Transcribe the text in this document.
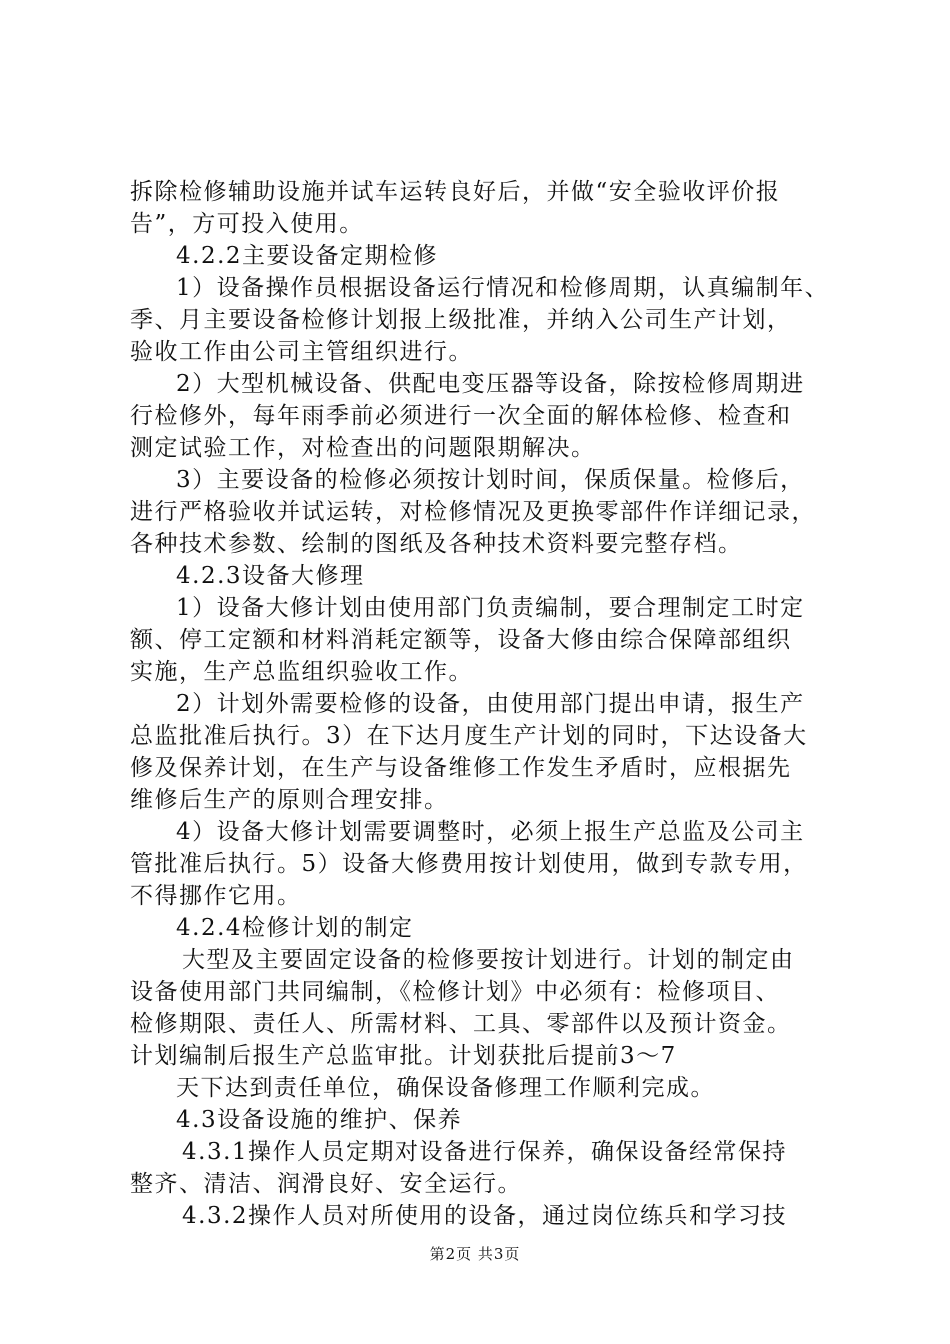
拆除检修辅助设施并试车运转良好后，并做“安全验收评价报
告”，方可投入使用。
4.2.2主要设备定期检修
1）设备操作员根据设备运行情况和检修周期，认真编制年、
季、月主要设备检修计划报上级批准，并纳入公司生产计划，
验收工作由公司主管组织进行。
2）大型机械设备、供配电变压器等设备，除按检修周期进
行检修外，每年雨季前必须进行一次全面的解体检修、检查和
测定试验工作，对检查出的问题限期解决。
3）主要设备的检修必须按计划时间，保质保量。检修后，
进行严格验收并试运转，对检修情况及更换零部件作详细记录，
各种技术参数、绘制的图纸及各种技术资料要完整存档。
4.2.3设备大修理
1）设备大修计划由使用部门负责编制，要合理制定工时定
额、停工定额和材料消耗定额等，设备大修由综合保障部组织
实施，生产总监组织验收工作。
2）计划外需要检修的设备，由使用部门提出申请，报生产
总监批准后执行。3）在下达月度生产计划的同时，下达设备大
修及保养计划，在生产与设备维修工作发生矛盾时，应根据先
维修后生产的原则合理安排。
4）设备大修计划需要调整时，必须上报生产总监及公司主
管批准后执行。5）设备大修费用按计划使用，做到专款专用，
不得挪作它用。
4.2.4检修计划的制定
大型及主要固定设备的检修要按计划进行。计划的制定由
设备使用部门共同编制，《检修计划》中必须有：检修项目、
检修期限、责任人、所需材料、工具、零部件以及预计资金。
计划编制后报生产总监审批。计划获批后提前3～7
天下达到责任单位，确保设备修理工作顺利完成。
4.3设备设施的维护、保养
4.3.1操作人员定期对设备进行保养，确保设备经常保持
整齐、清洁、润滑良好、安全运行。
4.3.2操作人员对所使用的设备，通过岗位练兵和学习技
第2页 共3页
